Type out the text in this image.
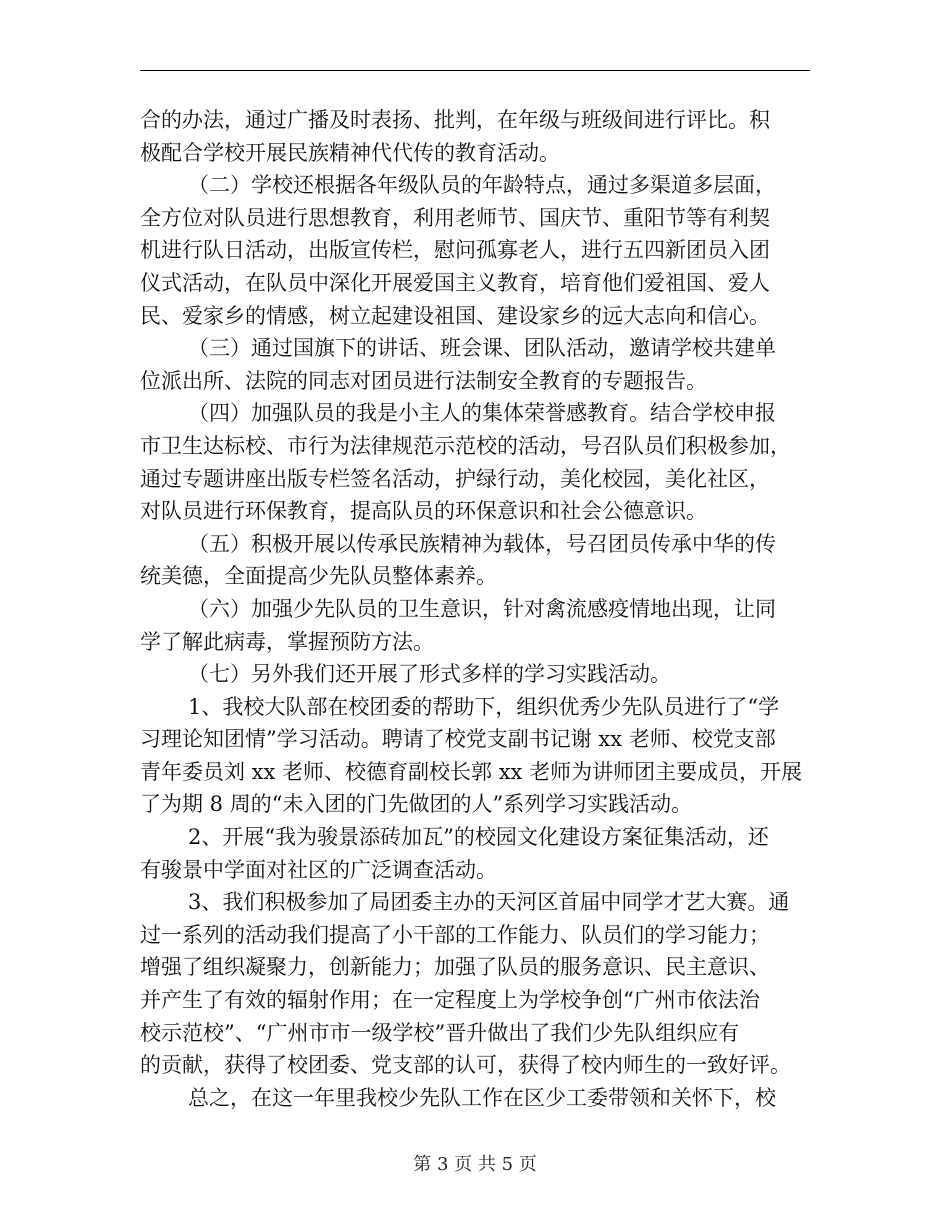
合的办法，通过广播及时表扬、批判，在年级与班级间进行评比。积
极配合学校开展民族精神代代传的教育活动。
（二）学校还根据各年级队员的年龄特点，通过多渠道多层面，
全方位对队员进行思想教育，利用老师节、国庆节、重阳节等有利契
机进行队日活动，出版宣传栏，慰问孤寡老人，进行五四新团员入团
仪式活动，在队员中深化开展爱国主义教育，培育他们爱祖国、爱人
民、爱家乡的情感，树立起建设祖国、建设家乡的远大志向和信心。
（三）通过国旗下的讲话、班会课、团队活动，邀请学校共建单
位派出所、法院的同志对团员进行法制安全教育的专题报告。
（四）加强队员的我是小主人的集体荣誉感教育。结合学校申报
市卫生达标校、市行为法律规范示范校的活动，号召队员们积极参加，
通过专题讲座出版专栏签名活动，护绿行动，美化校园，美化社区，
对队员进行环保教育，提高队员的环保意识和社会公德意识。
（五）积极开展以传承民族精神为载体，号召团员传承中华的传
统美德，全面提高少先队员整体素养。
（六）加强少先队员的卫生意识，针对禽流感疫情地出现，让同
学了解此病毒，掌握预防方法。
（七）另外我们还开展了形式多样的学习实践活动。
1、我校大队部在校团委的帮助下，组织优秀少先队员进行了“学
习理论知团情”学习活动。聘请了校党支副书记谢 xx 老师、校党支部
青年委员刘 xx 老师、校德育副校长郭 xx 老师为讲师团主要成员，开展
了为期 8 周的“未入团的门先做团的人”系列学习实践活动。
2、开展“我为骏景添砖加瓦”的校园文化建设方案征集活动，还
有骏景中学面对社区的广泛调查活动。
3、我们积极参加了局团委主办的天河区首届中同学才艺大赛。通
过一系列的活动我们提高了小干部的工作能力、队员们的学习能力；
增强了组织凝聚力，创新能力；加强了队员的服务意识、民主意识、
并产生了有效的辐射作用；在一定程度上为学校争创“广州市依法治
校示范校”、“广州市市一级学校”晋升做出了我们少先队组织应有
的贡献，获得了校团委、党支部的认可，获得了校内师生的一致好评。
总之，在这一年里我校少先队工作在区少工委带领和关怀下，校
第 3 页 共 5 页
